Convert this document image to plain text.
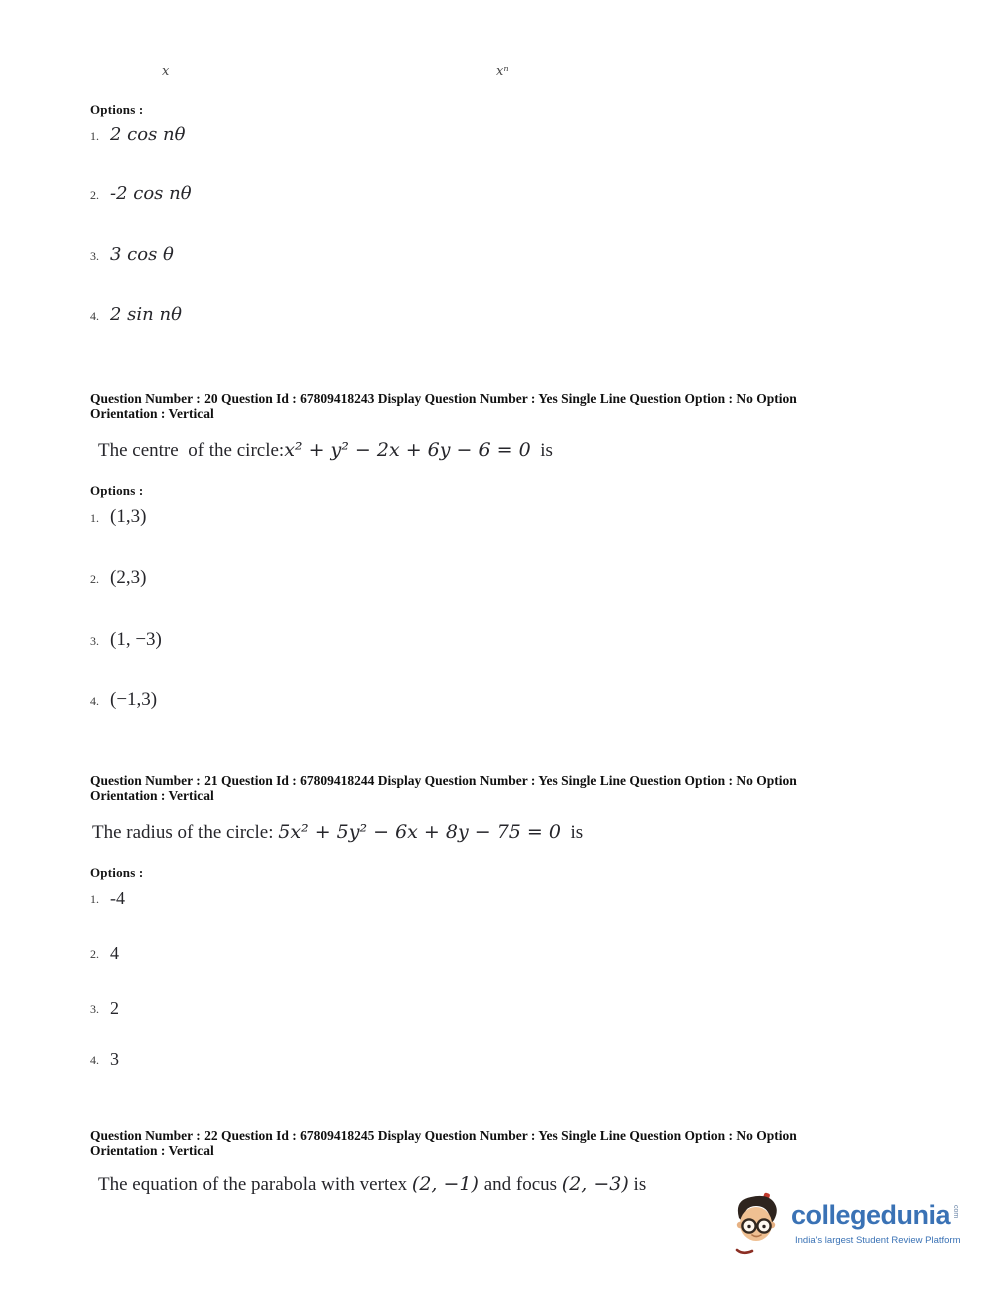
x	xⁿ
Options :
1. 2 cos nθ
2. -2 cos nθ
3. 3 cos θ
4. 2 sin nθ
Question Number : 20 Question Id : 67809418243 Display Question Number : Yes Single Line Question Option : No Option
Orientation : Vertical

The centre  of the circle:x² + y² − 2x + 6y − 6 = 0  is

Options :
1. (1,3)
2. (2,3)
3. (1, −3)
4. (−1,3)
Question Number : 21 Question Id : 67809418244 Display Question Number : Yes Single Line Question Option : No Option
Orientation : Vertical

The radius of the circle: 5x² + 5y² − 6x + 8y − 75 = 0  is

Options :
1. -4
2. 4
3. 2
4. 3
Question Number : 22 Question Id : 67809418245 Display Question Number : Yes Single Line Question Option : No Option
Orientation : Vertical

The equation of the parabola with vertex (2, −1) and focus (2, −3) is

collegedunia com
India's largest Student Review Platform
